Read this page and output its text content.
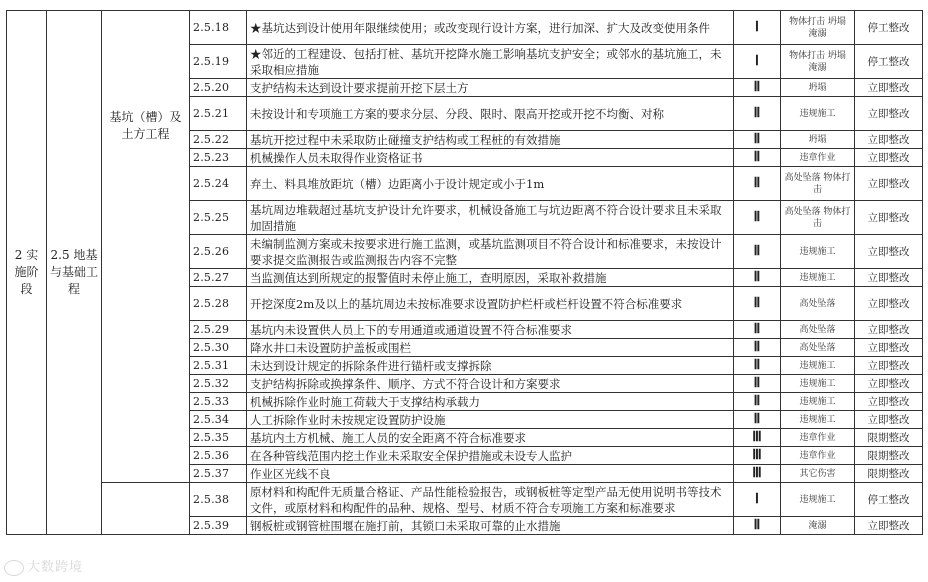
2 实施阶段	2.5 地基与基础工程	基坑（槽）及土方工程	2.5.18	★基坑达到设计使用年限继续使用；或改变现行设计方案，进行加深、扩大及改变使用条件	Ⅰ	物体打击 坍塌 淹溺	停工整改
			2.5.19	★邻近的工程建设、包括打桩、基坑开挖降水施工影响基坑支护安全；或邻水的基坑施工，未采取相应措施	Ⅰ	物体打击 坍塌 淹溺	停工整改
			2.5.20	支护结构未达到设计要求提前开挖下层土方	Ⅱ	坍塌	立即整改
			2.5.21	未按设计和专项施工方案的要求分层、分段、限时、限高开挖或开挖不均衡、对称	Ⅱ	违规施工	立即整改
			2.5.22	基坑开挖过程中未采取防止碰撞支护结构或工程桩的有效措施	Ⅱ	坍塌	立即整改
			2.5.23	机械操作人员未取得作业资格证书	Ⅱ	违章作业	立即整改
			2.5.24	弃土、料具堆放距坑（槽）边距离小于设计规定或小于1m	Ⅱ	高处坠落 物体打击	立即整改
			2.5.25	基坑周边堆载超过基坑支护设计允许要求，机械设备施工与坑边距离不符合设计要求且未采取加固措施	Ⅱ	高处坠落 物体打击	立即整改
			2.5.26	未编制监测方案或未按要求进行施工监测，或基坑监测项目不符合设计和标准要求，未按设计要求提交监测报告或监测报告内容不完整	Ⅱ	违规施工	立即整改
			2.5.27	当监测值达到所规定的报警值时未停止施工，查明原因，采取补救措施	Ⅱ	违规施工	立即整改
			2.5.28	开挖深度2m及以上的基坑周边未按标准要求设置防护栏杆或栏杆设置不符合标准要求	Ⅱ	高处坠落	立即整改
			2.5.29	基坑内未设置供人员上下的专用通道或通道设置不符合标准要求	Ⅱ	高处坠落	立即整改
			2.5.30	降水井口未设置防护盖板或围栏	Ⅱ	高处坠落	立即整改
			2.5.31	未达到设计规定的拆除条件进行锚杆或支撑拆除	Ⅱ	违规施工	立即整改
			2.5.32	支护结构拆除或换撑条件、顺序、方式不符合设计和方案要求	Ⅱ	违规施工	立即整改
			2.5.33	机械拆除作业时施工荷载大于支撑结构承载力	Ⅱ	违规施工	立即整改
			2.5.34	人工拆除作业时未按规定设置防护设施	Ⅱ	违规施工	立即整改
			2.5.35	基坑内土方机械、施工人员的安全距离不符合标准要求	Ⅲ	违章作业	限期整改
			2.5.36	在各种管线范围内挖土作业未采取安全保护措施或未设专人监护	Ⅲ	违章作业	限期整改
			2.5.37	作业区光线不良	Ⅲ	其它伤害	限期整改
			2.5.38	原材料和构配件无质量合格证、产品性能检验报告，或钢板桩等定型产品无使用说明书等技术文件，或原材料和构配件的品种、规格、型号、材质不符合专项施工方案和标准要求	Ⅰ	违规施工	停工整改
			2.5.39	钢板桩或钢管桩围堰在施打前，其锁口未采取可靠的止水措施	Ⅱ	淹溺	立即整改
大数跨境
